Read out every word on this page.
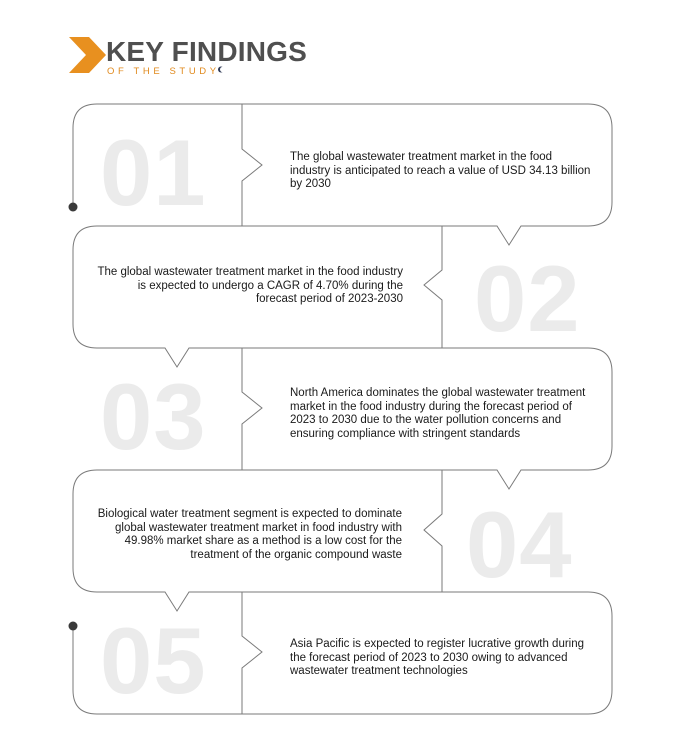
KEY FINDINGS
OF THE STUDY
01
02
03
04
05
The global wastewater treatment market in the food industry is anticipated to reach a value of USD 34.13 billion by 2030
The global wastewater treatment market in the food industry is expected to undergo a CAGR of 4.70% during the forecast period of 2023-2030
North America dominates the global wastewater treatment market in the food industry during the forecast period of 2023 to 2030 due to the water pollution concerns and ensuring compliance with stringent standards
Biological water treatment segment is expected to dominate global wastewater treatment market in food industry with 49.98% market share as a method is a low cost for the treatment of the organic compound waste
Asia Pacific is expected to register lucrative growth during the forecast period of 2023 to 2030 owing to advanced wastewater treatment technologies
